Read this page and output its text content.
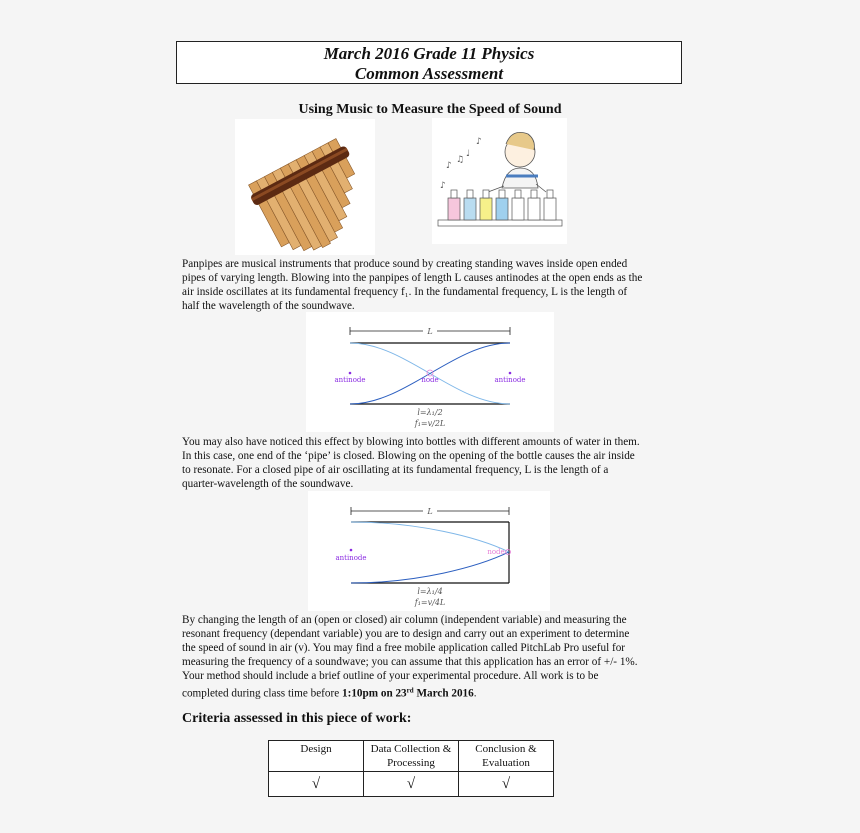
March 2016 Grade 11 Physics
Common Assessment
Using Music to Measure the Speed of Sound
♪
♫
♩
♪
♪
Panpipes are musical instruments that produce sound by creating standing waves inside open ended
pipes of varying length. Blowing into the panpipes of length L causes antinodes at the open ends as the
air inside oscillates at its fundamental frequency f₁. In the fundamental frequency, L is the length of
half the wavelength of the soundwave.
L
antinode	node	antinode
l=λ₁/2
f₁=v/2L
You may also have noticed this effect by blowing into bottles with different amounts of water in them.
In this case, one end of the ‘pipe’ is closed. Blowing on the opening of the bottle causes the air inside
to resonate. For a closed pipe of air oscillating at its fundamental frequency, L is the length of a
quarter-wavelength of the soundwave.
L
antinode
node
l=λ₁/4
f₁=v/4L
By changing the length of an (open or closed) air column (independent variable) and measuring the
resonant frequency (dependant variable) you are to design and carry out an experiment to determine
the speed of sound in air (v). You may find a free mobile application called PitchLab Pro useful for
measuring the frequency of a soundwave; you can assume that this application has an error of +/- 1%.
Your method should include a brief outline of your experimental procedure. All work is to be
completed during class time before 1:10pm on 23rd March 2016.
Criteria assessed in this piece of work:
Design	Data Collection & Processing	Conclusion & Evaluation
√	√	√
